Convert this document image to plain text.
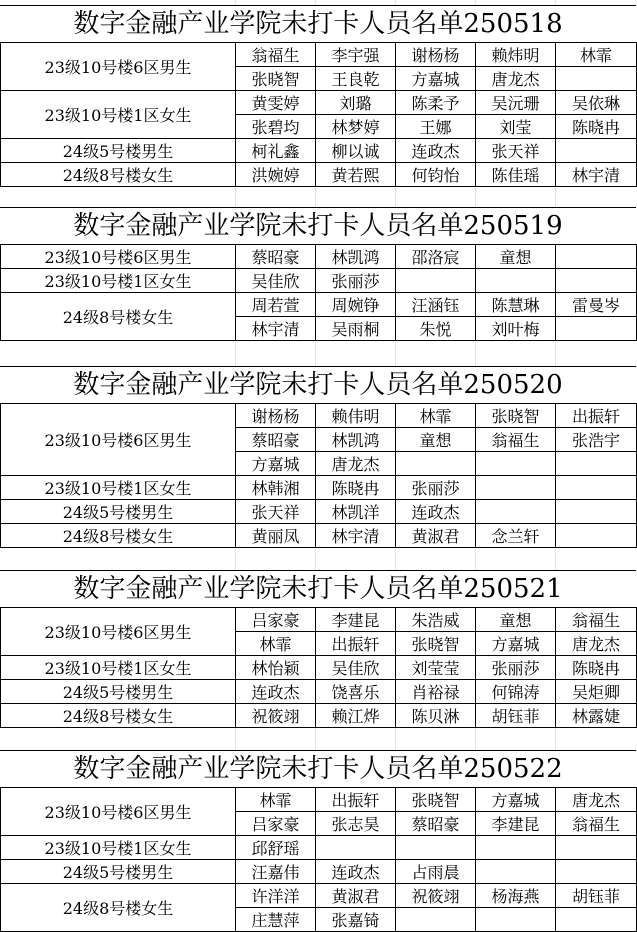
数字金融产业学院未打卡人员名单250518
23级10号楼6区男生	翁福生	李宇强	谢杨杨	赖炜明	林霏
	张晓智	王良乾	方嘉城	唐龙杰	
23级10号楼1区女生	黄雯婷	刘璐	陈柔予	吴沅珊	吴依琳
	张碧均	林梦婷	王娜	刘莹	陈晓冉
24级5号楼男生	柯礼鑫	柳以诚	连政杰	张天祥	
24级8号楼女生	洪婉婷	黄若熙	何钧怡	陈佳瑶	林宇清
数字金融产业学院未打卡人员名单250519
23级10号楼6区男生	蔡昭豪	林凯鸿	邵洛宸	童想	
23级10号楼1区女生	吴佳欣	张丽莎			
24级8号楼女生	周若萱	周婉铮	汪涵钰	陈慧琳	雷曼岑
	林宇清	吴雨桐	朱悦	刘叶梅	
数字金融产业学院未打卡人员名单250520
23级10号楼6区男生	谢杨杨	赖伟明	林霏	张晓智	出振轩
	蔡昭豪	林凯鸿	童想	翁福生	张浩宇
	方嘉城	唐龙杰			
23级10号楼1区女生	林韩湘	陈晓冉	张丽莎		
24级5号楼男生	张天祥	林凯洋	连政杰		
24级8号楼女生	黄丽凤	林宇清	黄淑君	念兰轩	
数字金融产业学院未打卡人员名单250521
23级10号楼6区男生	吕家豪	李建昆	朱浩威	童想	翁福生
	林霏	出振轩	张晓智	方嘉城	唐龙杰
23级10号楼1区女生	林怡颖	吴佳欣	刘莹莹	张丽莎	陈晓冉
24级5号楼男生	连政杰	饶喜乐	肖裕禄	何锦涛	吴炬卿
24级8号楼女生	祝筱翊	赖江烨	陈贝淋	胡钰菲	林露婕
数字金融产业学院未打卡人员名单250522
23级10号楼6区男生	林霏	出振轩	张晓智	方嘉城	唐龙杰
	吕家豪	张志昊	蔡昭豪	李建昆	翁福生
23级10号楼1区女生	邱舒瑶				
24级5号楼男生	汪嘉伟	连政杰	占雨晨		
24级8号楼女生	许洋洋	黄淑君	祝筱翊	杨海燕	胡钰菲
	庄慧萍	张嘉锜			
